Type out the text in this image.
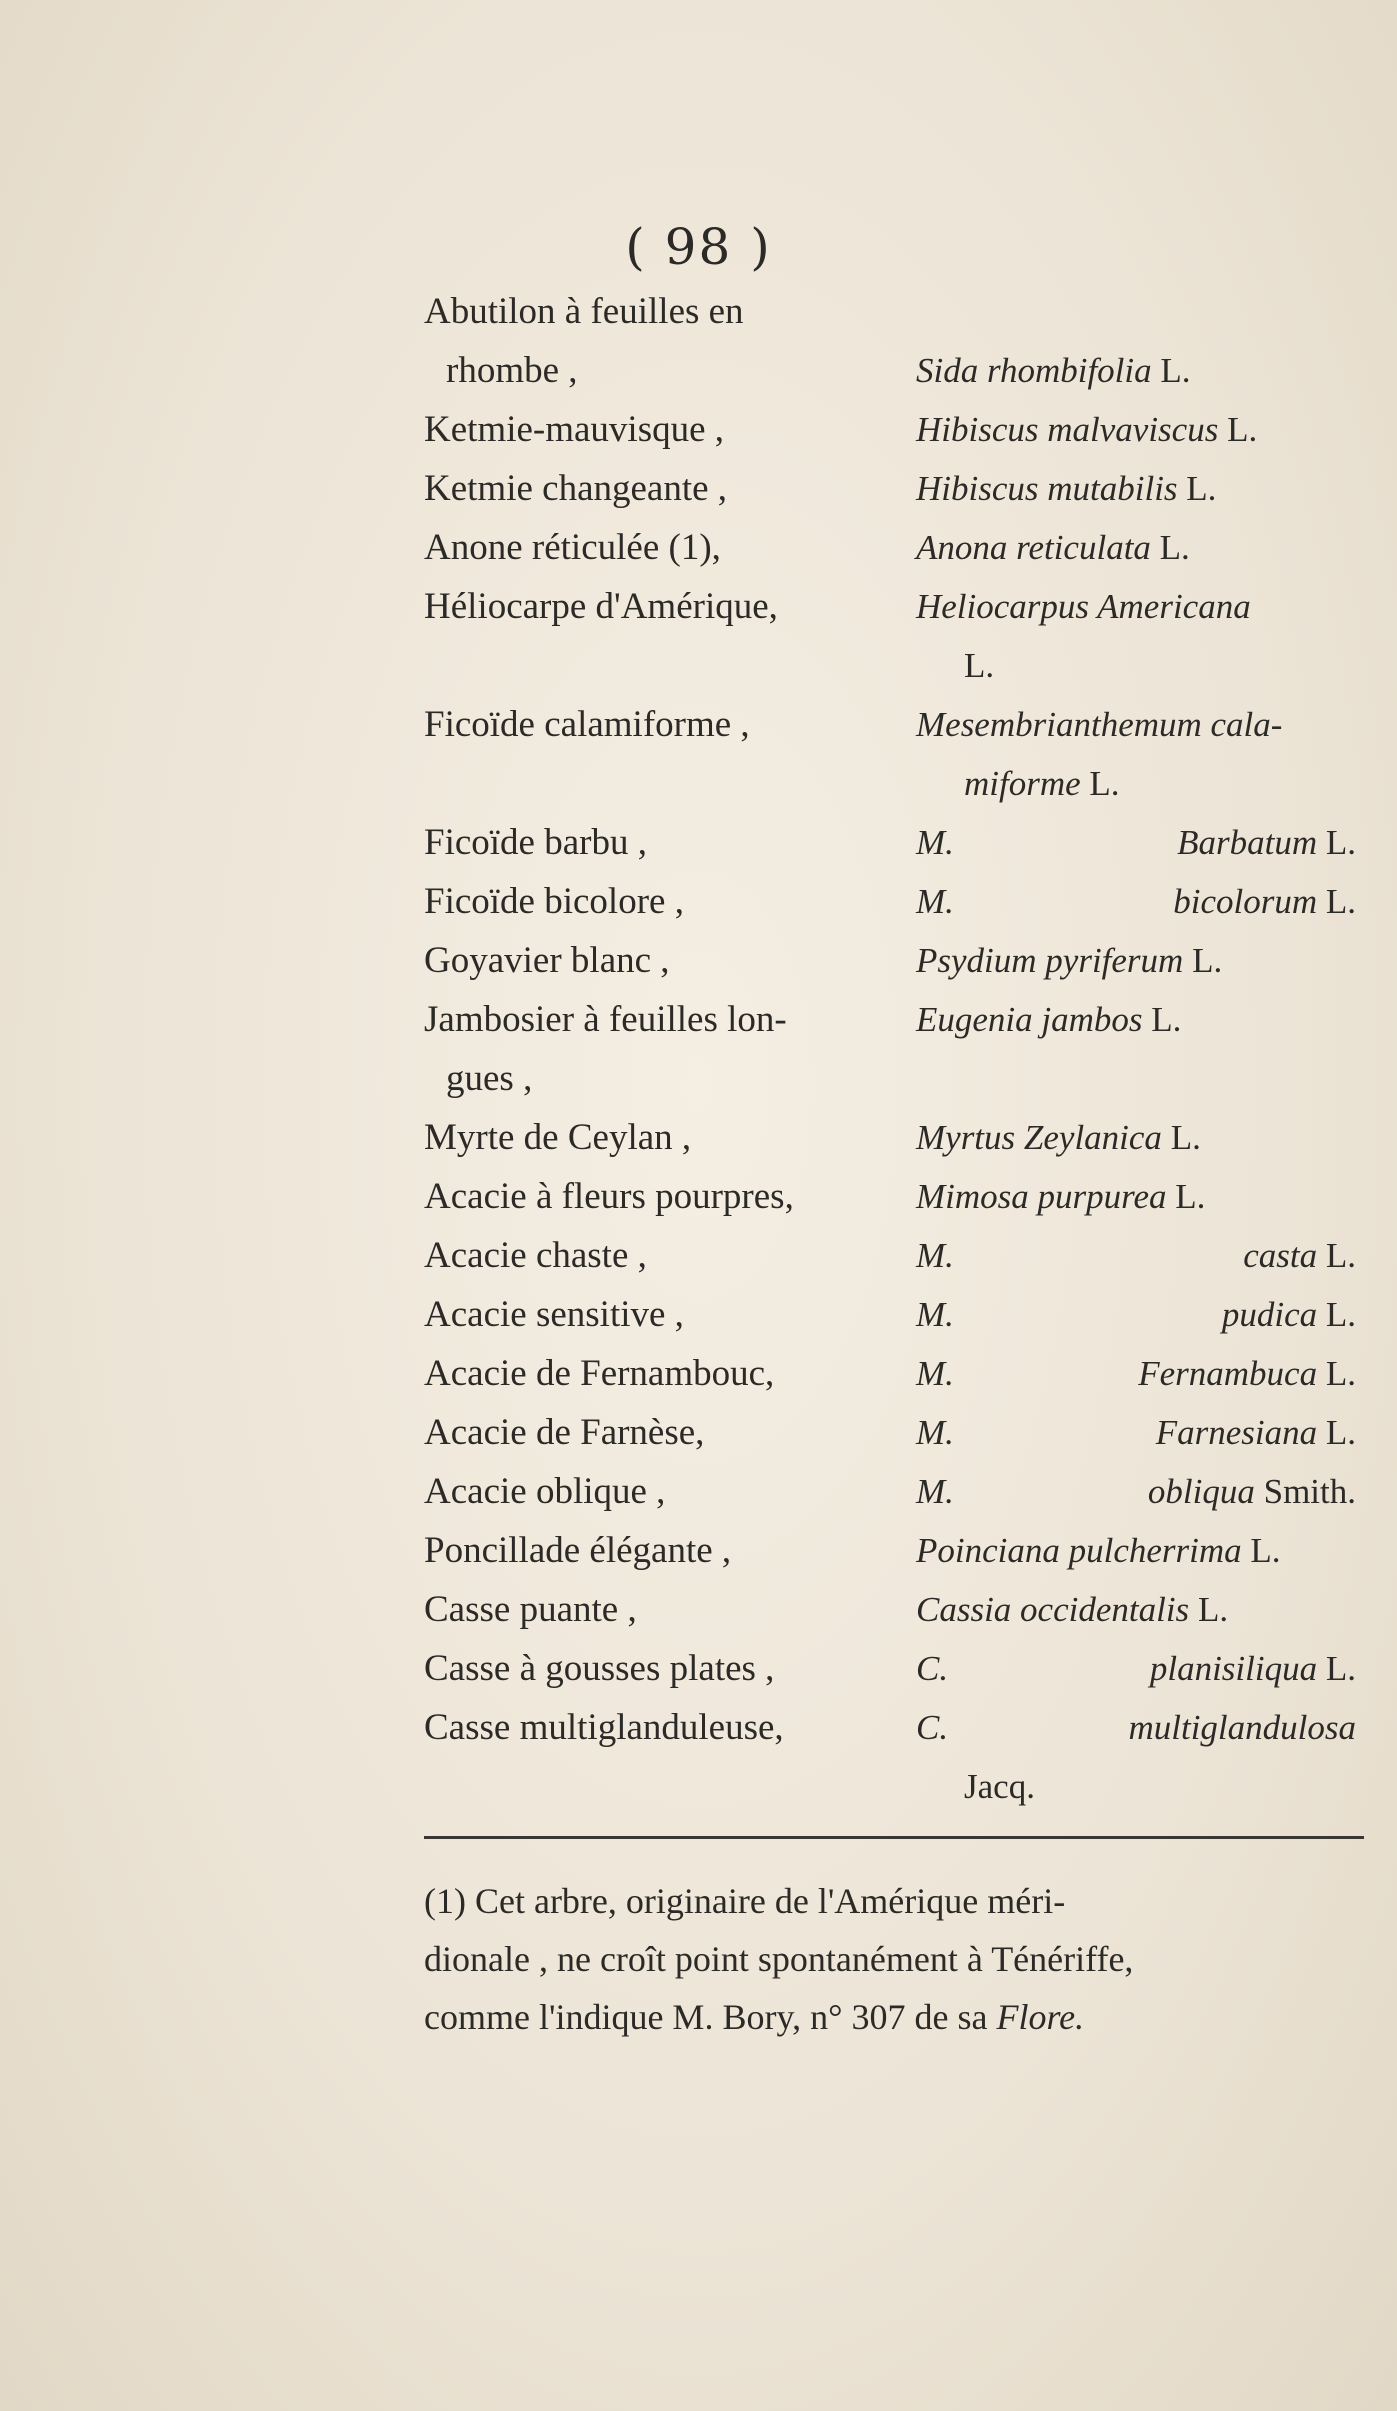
( 98 )
Abutilon à feuilles en
rhombe ,	Sida rhombifolia L.
Ketmie-mauvisque ,	Hibiscus malvaviscus L.
Ketmie changeante ,	Hibiscus mutabilis L.
Anone réticulée (1),	Anona reticulata L.
Héliocarpe d'Amérique,	Heliocarpus Americana
L.
Ficoïde calamiforme ,	Mesembrianthemum cala-
miforme L.
Ficoïde barbu ,	M.	Barbatum L.
Ficoïde bicolore ,	M.	bicolorum L.
Goyavier blanc ,	Psydium pyriferum L.
Jambosier à feuilles lon-	Eugenia jambos L.
gues ,
Myrte de Ceylan ,	Myrtus Zeylanica L.
Acacie à fleurs pourpres,	Mimosa purpurea L.
Acacie chaste ,	M.	casta L.
Acacie sensitive ,	M.	pudica L.
Acacie de Fernambouc,	M.	Fernambuca L.
Acacie de Farnèse,	M.	Farnesiana L.
Acacie oblique ,	M.	obliqua Smith.
Poncillade élégante ,	Poinciana pulcherrima L.
Casse puante ,	Cassia occidentalis L.
Casse à gousses plates ,	C.	planisiliqua L.
Casse multiglanduleuse,	C.	multiglandulosa
Jacq.

(1) Cet arbre, originaire de l'Amérique méri-

dionale , ne croît point spontanément à Ténériffe,

comme l'indique M. Bory, n° 307 de sa Flore.
